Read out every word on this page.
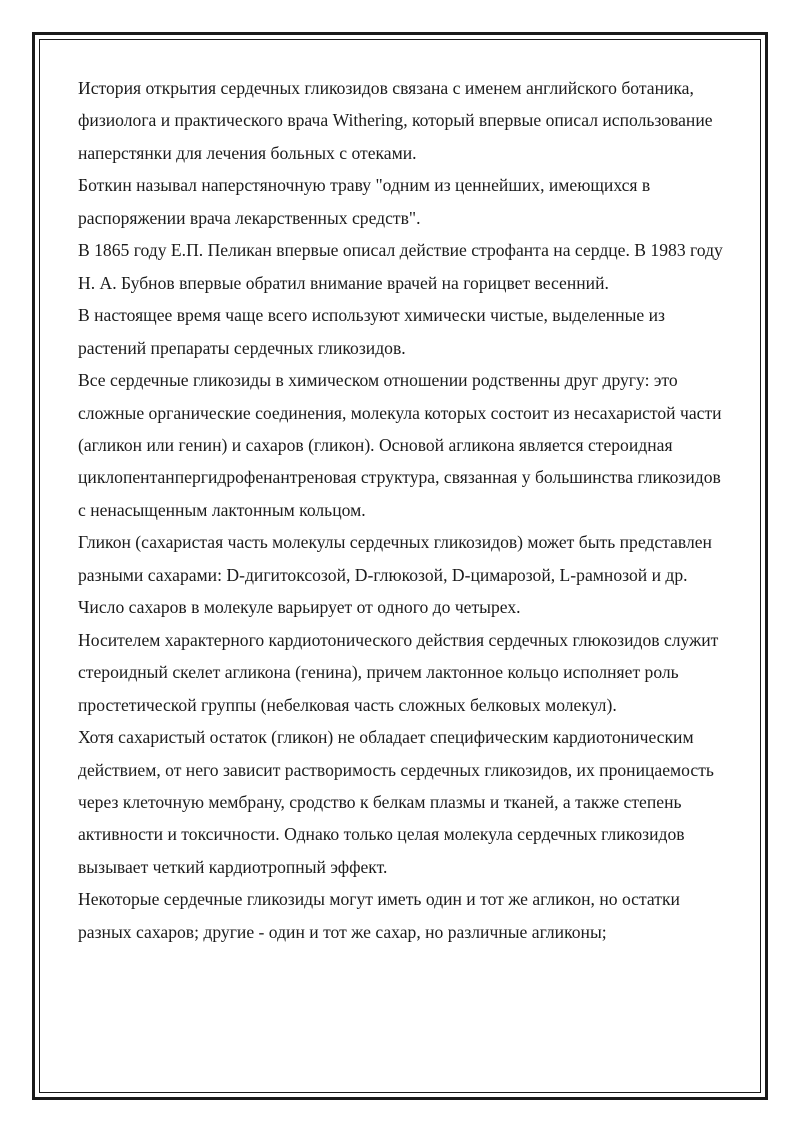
История открытия сердечных гликозидов связана с именем английского ботаника, физиолога и практического врача Withering, который впервые описал использование наперстянки для лечения больных с отеками.

Боткин называл наперстяночную траву "одним из ценнейших, имеющихся в распоряжении врача лекарственных средств".

В 1865 году Е.П. Пеликан впервые описал действие строфанта на сердце. В 1983 году Н. А. Бубнов впервые обратил внимание врачей на горицвет весенний.

В настоящее время чаще всего используют химически чистые, выделенные из растений препараты сердечных гликозидов.

Все сердечные гликозиды в химическом отношении родственны друг другу: это сложные органические соединения, молекула которых состоит из несахаристой части (агликон или генин) и сахаров (гликон). Основой агликона является стероидная циклопентанпергидрофенантреновая структура, связанная у большинства гликозидов с ненасыщенным лактонным кольцом.

Гликон (сахаристая часть молекулы сердечных гликозидов) может быть представлен разными сахарами: D-дигитоксозой, D-глюкозой, D-цимарозой, L-рамнозой и др. Число сахаров в молекуле варьирует от одного до четырех.

Носителем характерного кардиотонического действия сердечных глюкозидов служит стероидный скелет агликона (генина), причем лактонное кольцо исполняет роль простетической группы (небелковая часть сложных белковых молекул).

Хотя сахаристый остаток (гликон) не обладает специфическим кардиотоническим действием, от него зависит растворимость сердечных гликозидов, их проницаемость через клеточную мембрану, сродство к белкам плазмы и тканей, а также степень активности и токсичности. Однако только целая молекула сердечных гликозидов вызывает четкий кардиотропный эффект.

Некоторые сердечные гликозиды могут иметь один и тот же агликон, но остатки разных сахаров; другие - один и тот же сахар, но различные агликоны;
